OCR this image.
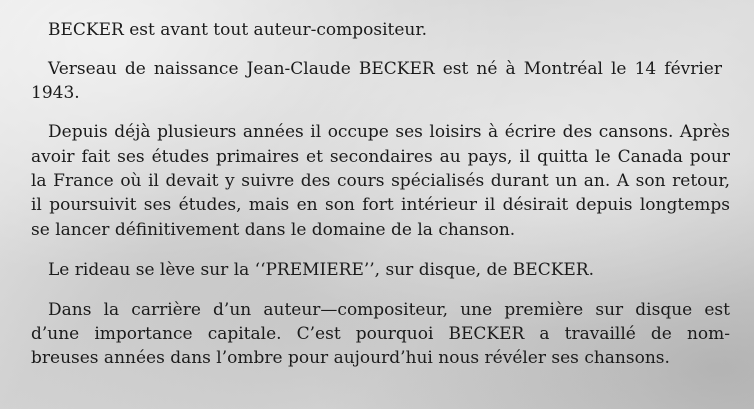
BECKER est avant tout auteur-compositeur.
Verseau de naissance Jean-Claude BECKER est né à Montréal le 14 février
1943.
Depuis déjà plusieurs années il occupe ses loisirs à écrire des cansons. Après
avoir fait ses études primaires et secondaires au pays, il quitta le Canada pour
la France où il devait y suivre des cours spécialisés durant un an. A son retour,
il poursuivit ses études, mais en son fort intérieur il désirait depuis longtemps
se lancer définitivement dans le domaine de la chanson.
Le rideau se lève sur la ‘‘PREMIERE’’, sur disque, de BECKER.
Dans la carrière d’un auteur—compositeur, une première sur disque est
d’une importance capitale. C’est pourquoi BECKER a travaillé de nom-
breuses années dans l’ombre pour aujourd’hui nous révéler ses chansons.
